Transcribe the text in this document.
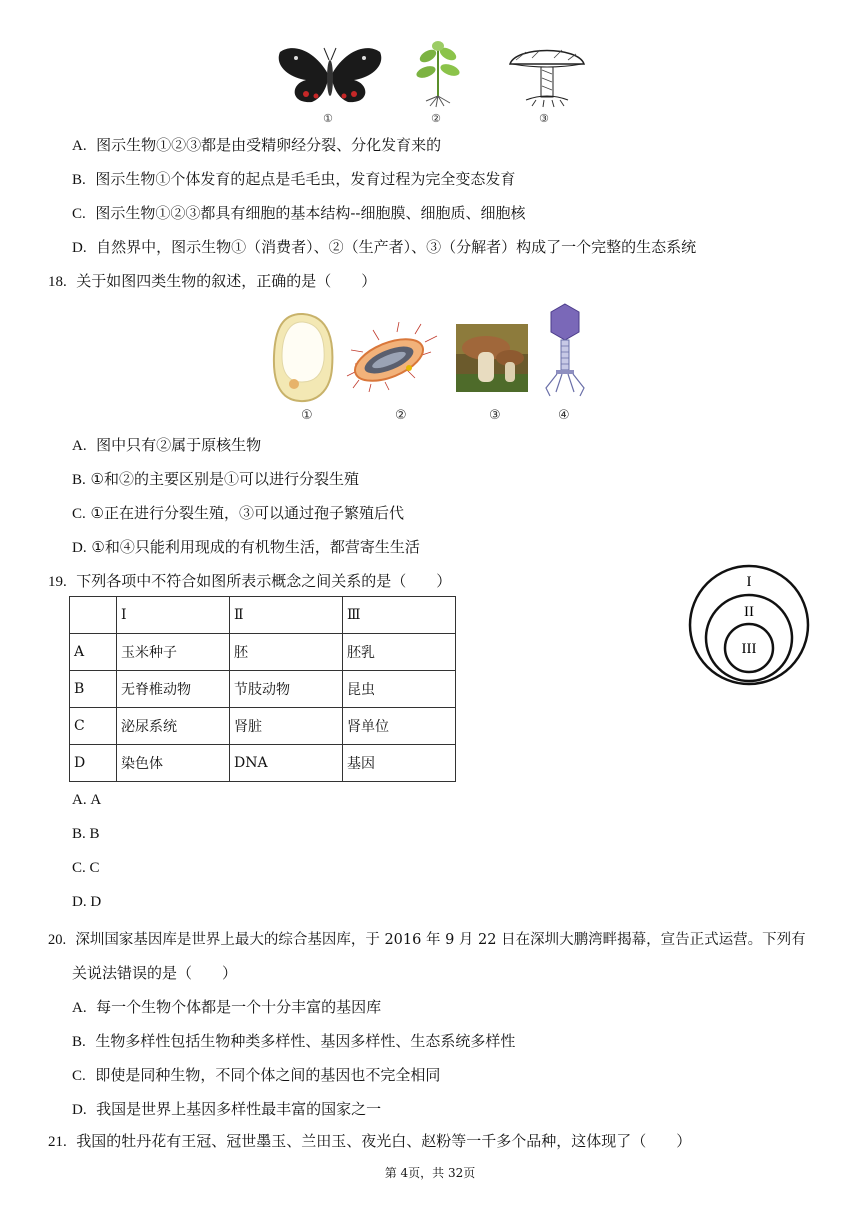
①	②	③
A. 图示生物①②③都是由受精卵经分裂、分化发育来的
B. 图示生物①个体发育的起点是毛毛虫，发育过程为完全变态发育
C. 图示生物①②③都具有细胞的基本结构--细胞膜、细胞质、细胞核
D. 自然界中，图示生物①（消费者）、②（生产者）、③（分解者）构成了一个完整的生态系统
18. 关于如图四类生物的叙述，正确的是（　　）
①	②	③	④
A. 图中只有②属于原核生物
B. ①和②的主要区别是①可以进行分裂生殖
C. ①正在进行分裂生殖，③可以通过孢子繁殖后代
D. ①和④只能利用现成的有机物生活，都营寄生生活
19. 下列各项中不符合如图所表示概念之间关系的是（　　）
	Ⅰ	Ⅱ	Ⅲ
A	玉米种子	胚	胚乳
B	无脊椎动物	节肢动物	昆虫
C	泌尿系统	肾脏	肾单位
D	染色体	DNA	基因
I
II
III
A. A
B. B
C. C
D. D
20. 深圳国家基因库是世界上最大的综合基因库，于 2016 年 9 月 22 日在深圳大鹏湾畔揭幕，宣告正式运营。下列有
关说法错误的是（　　）
A. 每一个生物个体都是一个十分丰富的基因库
B. 生物多样性包括生物种类多样性、基因多样性、生态系统多样性
C. 即使是同种生物，不同个体之间的基因也不完全相同
D. 我国是世界上基因多样性最丰富的国家之一
21. 我国的牡丹花有王冠、冠世墨玉、兰田玉、夜光白、赵粉等一千多个品种，这体现了（　　）
第 4页，共 32页
